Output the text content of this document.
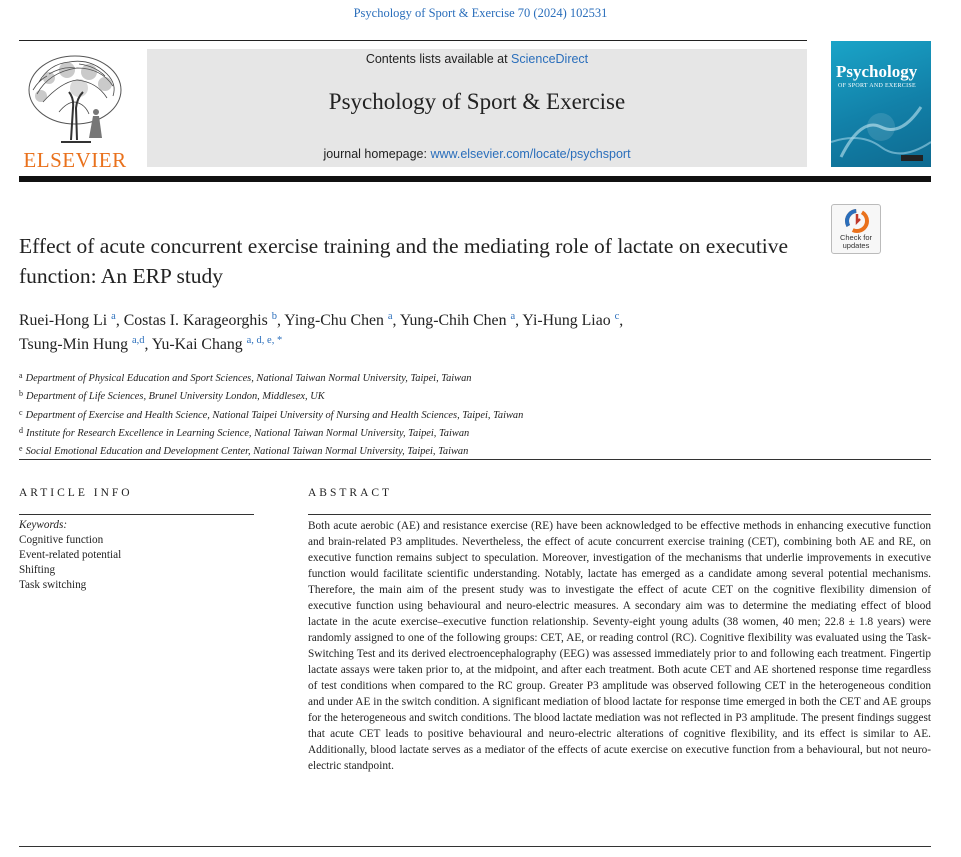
Psychology of Sport & Exercise 70 (2024) 102531
ELSEVIER
Contents lists available at ScienceDirect
Psychology of Sport & Exercise
journal homepage: www.elsevier.com/locate/psychsport
Psychology
OF SPORT AND EXERCISE
Check for updates
Effect of acute concurrent exercise training and the mediating role of lactate on executive function: An ERP study
Ruei-Hong Li $^a$, Costas I. Karageorghis $^b$, Ying-Chu Chen $^a$, Yung-Chih Chen $^a$, Yi-Hung Liao $^c$,
Tsung-Min Hung $^{a,d}$, Yu-Kai Chang $^{a, d, e, *}$
$^a$ Department of Physical Education and Sport Sciences, National Taiwan Normal University, Taipei, Taiwan
$^b$ Department of Life Sciences, Brunel University London, Middlesex, UK
$^c$ Department of Exercise and Health Science, National Taipei University of Nursing and Health Sciences, Taipei, Taiwan
$^d$ Institute for Research Excellence in Learning Science, National Taiwan Normal University, Taipei, Taiwan
$^e$ Social Emotional Education and Development Center, National Taiwan Normal University, Taipei, Taiwan
ARTICLE INFO	ABSTRACT
Keywords:
Cognitive function
Event-related potential
Shifting
Task switching
Both acute aerobic (AE) and resistance exercise (RE) have been acknowledged to be effective methods in enhancing executive function and brain-related P3 amplitudes. Nevertheless, the effect of acute concurrent exercise training (CET), combining both AE and RE, on executive function remains subject to speculation. Moreover, investigation of the mechanisms that underlie improvements in executive function would facilitate scientific understanding. Notably, lactate has emerged as a candidate among several potential mechanisms. Therefore, the main aim of the present study was to investigate the effect of acute CET on the cognitive flexibility dimension of executive function using behavioural and neuro-electric measures. A secondary aim was to determine the mediating effect of blood lactate in the acute exercise–executive function relationship. Seventy-eight young adults (38 women, 40 men; 22.8 ± 1.8 years) were randomly assigned to one of the following groups: CET, AE, or reading control (RC). Cognitive flexibility was evaluated using the Task-Switching Test and its derived electroencephalography (EEG) was assessed immediately prior to and following each treatment. Fingertip lactate assays were taken prior to, at the midpoint, and after each treatment. Both acute CET and AE shortened response time regardless of test conditions when compared to the RC group. Greater P3 amplitude was observed following CET in the heterogeneous condition and under AE in the switch condition. A significant mediation of blood lactate for response time emerged in both the CET and AE groups for the heterogeneous and switch conditions. The blood lactate mediation was not reflected in P3 amplitude. The present findings suggest that acute CET leads to positive behavioural and neuro-electric alterations of cognitive flexibility, and its effect is similar to AE. Additionally, blood lactate serves as a mediator of the effects of acute exercise on executive function from a behavioural, but not neuro-electric standpoint.
